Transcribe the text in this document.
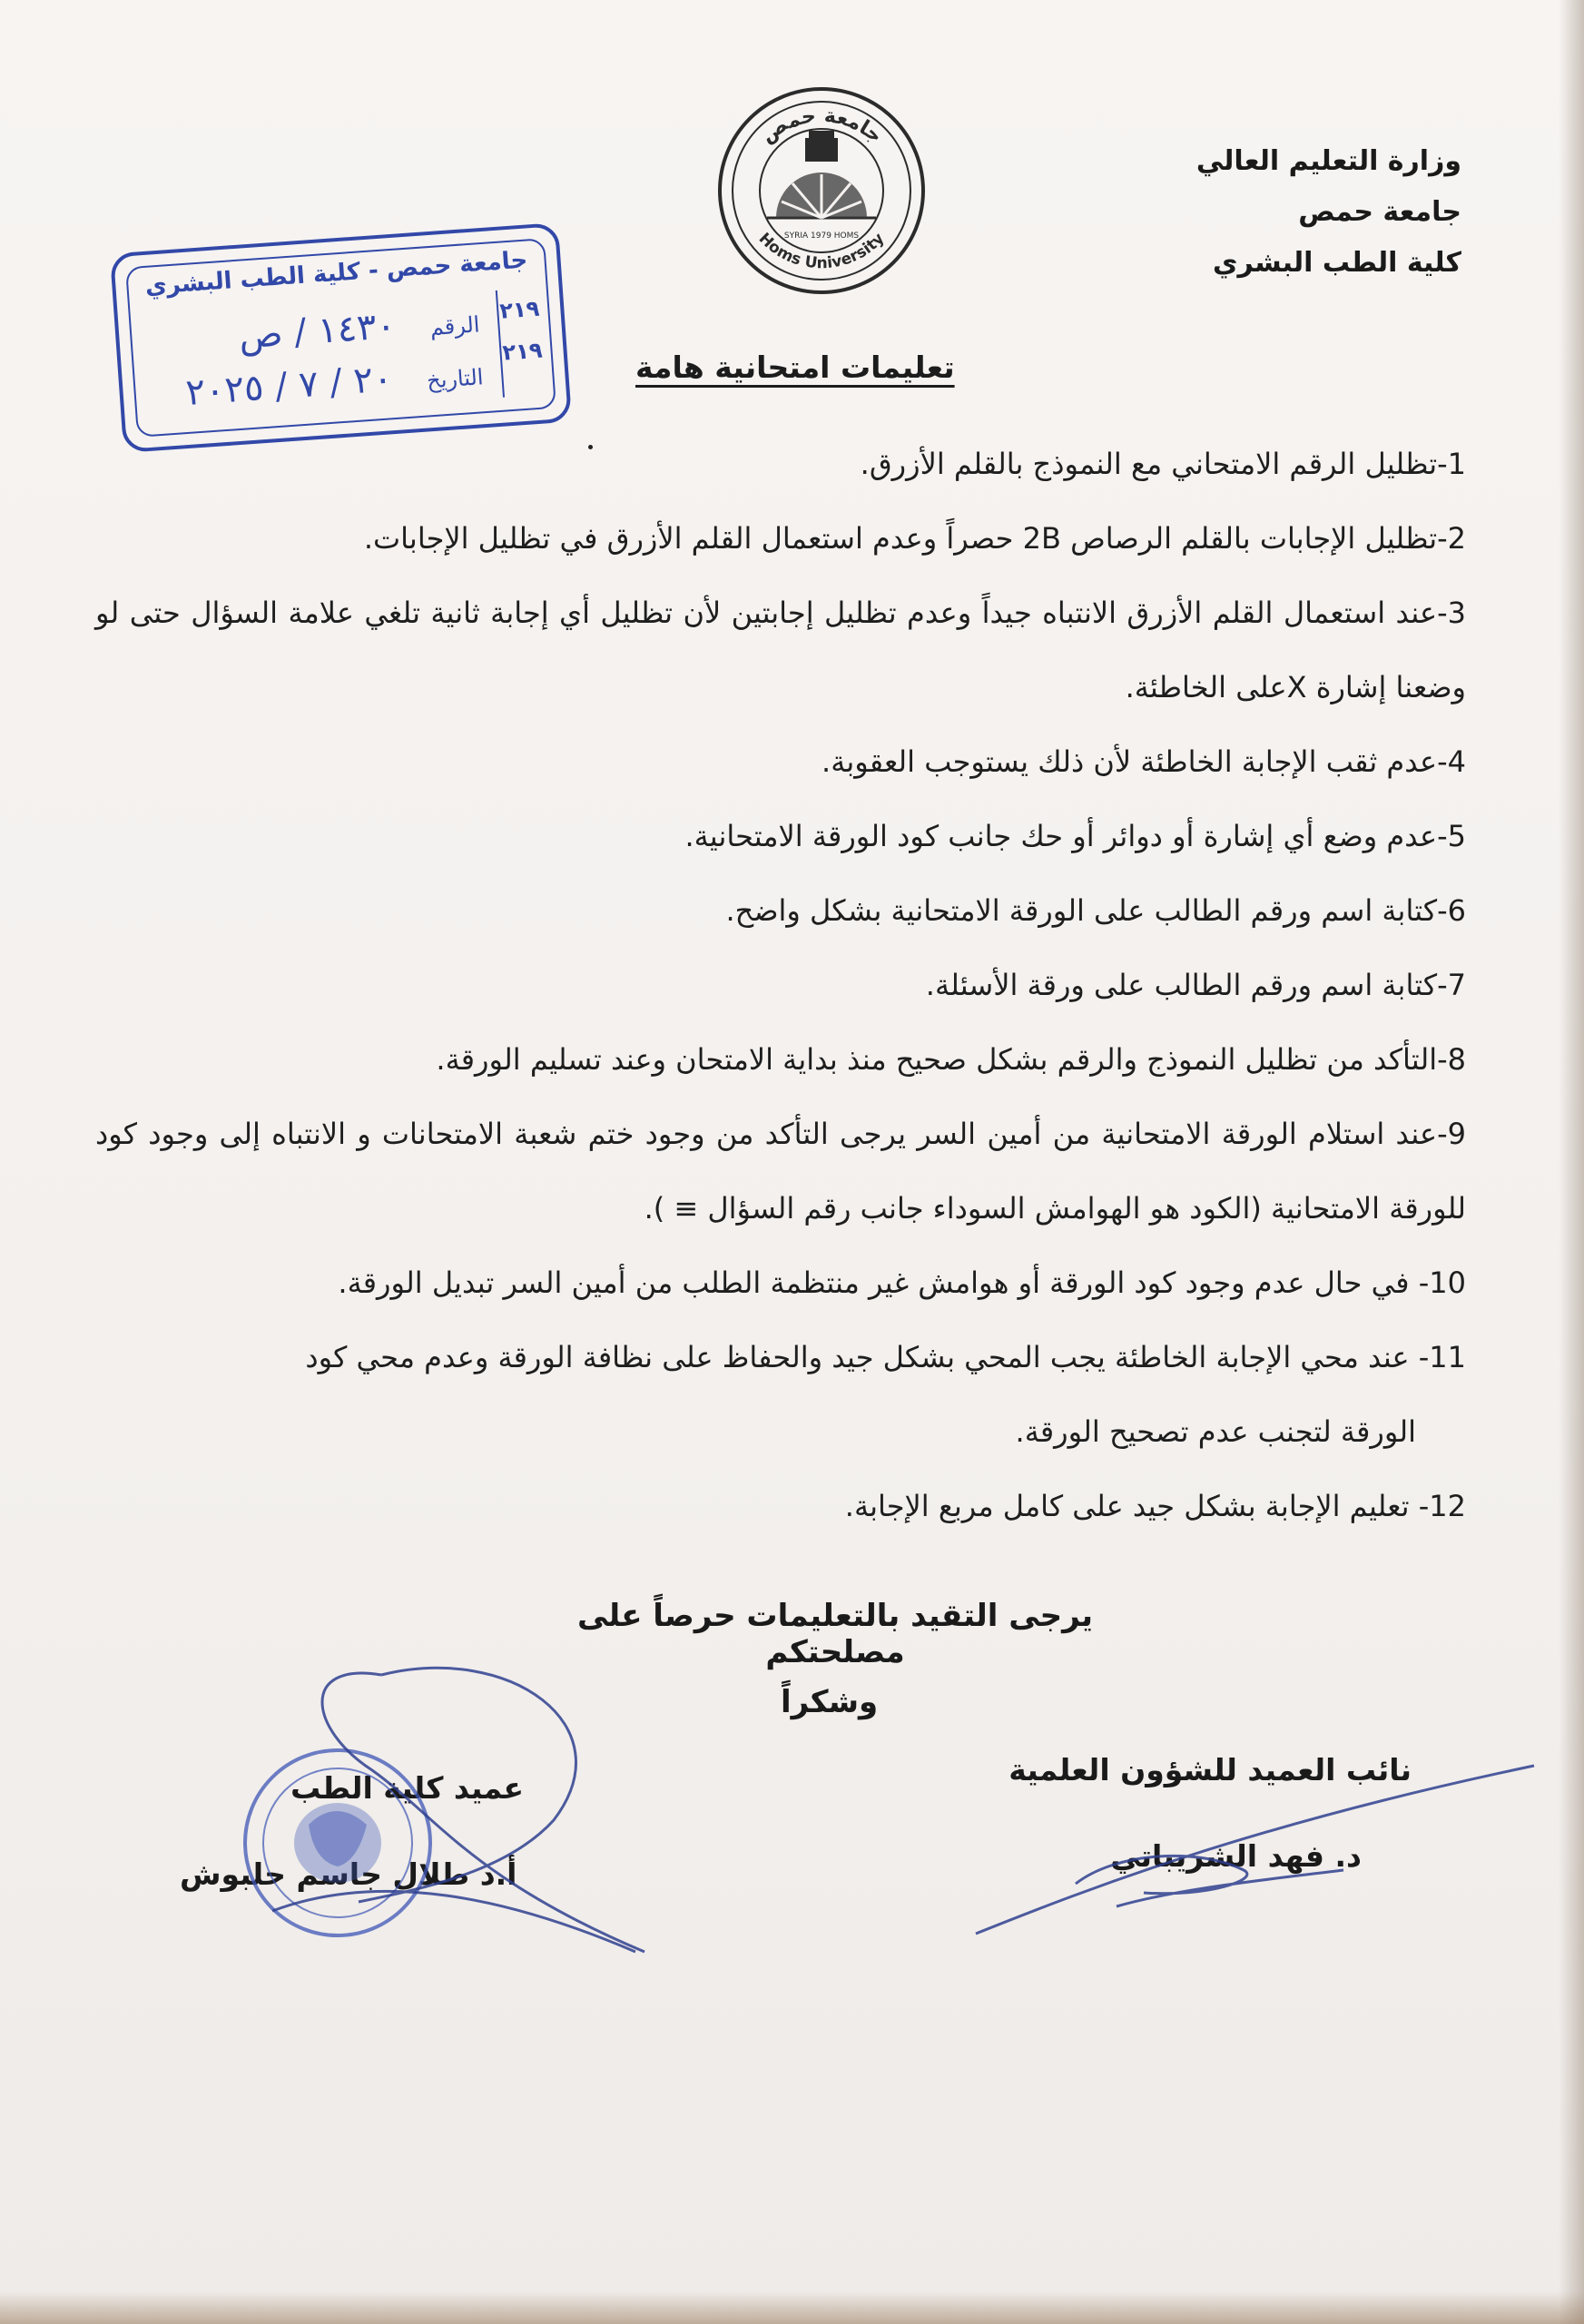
وزارة التعليم العالي
جامعة حمص
كلية الطب البشري
SYRIA 1979 HOMS
Homs University
جامعة حمص
جامعة حمص - كلية الطب البشري
الرقم ١٤٣٠ / ص
التاريخ ٢٠ / ٧ / ٢٠٢٥
٢١٩
٢١٩	تعليمات امتحانية هامة
1-تظليل الرقم الامتحاني مع النموذج بالقلم الأزرق.
2-تظليل الإجابات بالقلم الرصاص 2B حصراً وعدم استعمال القلم الأزرق في تظليل الإجابات.
3-عند استعمال القلم الأزرق الانتباه جيداً وعدم تظليل إجابتين لأن تظليل أي إجابة ثانية تلغي علامة السؤال حتى لو وضعنا إشارة Xعلى الخاطئة.
4-عدم ثقب الإجابة الخاطئة لأن ذلك يستوجب العقوبة.
5-عدم وضع أي إشارة أو دوائر أو حك جانب كود الورقة الامتحانية.
6-كتابة اسم ورقم الطالب على الورقة الامتحانية بشكل واضح.
7-كتابة اسم ورقم الطالب على ورقة الأسئلة.
8-التأكد من تظليل النموذج والرقم بشكل صحيح منذ بداية الامتحان وعند تسليم الورقة.
9-عند استلام الورقة الامتحانية من أمين السر يرجى التأكد من وجود ختم شعبة الامتحانات و الانتباه إلى وجود كود للورقة الامتحانية (الكود هو الهوامش السوداء جانب رقم السؤال ≡ ).
10- في حال عدم وجود كود الورقة أو هوامش غير منتظمة الطلب من أمين السر تبديل الورقة.
11- عند محي الإجابة الخاطئة يجب المحي بشكل جيد والحفاظ على نظافة الورقة وعدم محي كود
الورقة لتجنب عدم تصحيح الورقة.
12- تعليم الإجابة بشكل جيد على كامل مربع الإجابة.
يرجى التقيد بالتعليمات حرصاً على مصلحتكم
وشكراً
نائب العميد للشؤون العلمية
د. فهد الشريباتي
عميد كلية الطب
أ.د طلال جاسم حلبوش
